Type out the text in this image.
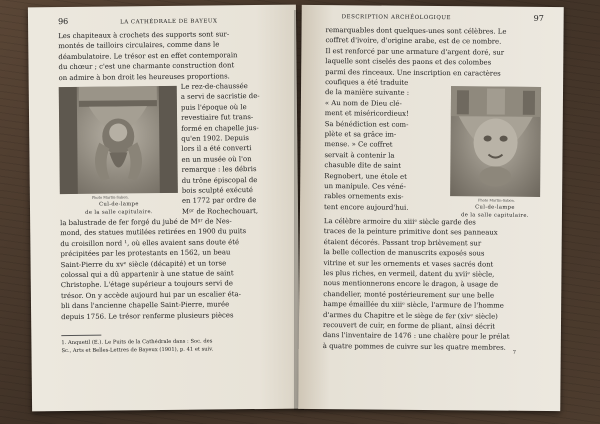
96	LA CATHÉDRALE DE BAYEUX
Les chapiteaux à crochets des supports sont sur-
montés de tailloirs circulaires, comme dans le
déambulatoire. Le trésor est en effet contemporain
du chœur ; c'est une charmante construction dont
on admire à bon droit les heureuses proportions.
Photo Martin-Sabon.
Cul-de-lampe
de la salle capitulaire.
Le rez-de-chaussée
a servi de sacristie de-
puis l'époque où le
revestiaire fut trans-
formé en chapelle jus-
qu'en 1902. Depuis
lors il a été converti
en un musée où l'on
remarque : les débris
du trône épiscopal de
bois sculpté exécuté
en 1772 par ordre de
Mᵍʳ de Rochechouart,
la balustrade de fer forgé du jubé de Mᵍʳ de Nes-
mond, des statues mutilées retirées en 1900 du puits
du croisillon nord ¹, où elles avaient sans doute été
précipitées par les protestants en 1562, un beau
Saint-Pierre du xvᵉ siècle (décapité) et un torse
colossal qui a dû appartenir à une statue de saint
Christophe. L'étage supérieur a toujours servi de
trésor. On y accède aujourd hui par un escalier éta-
bli dans l'ancienne chapelle Saint-Pierre, murée
depuis 1756. Le trésor renferme plusieurs pièces
1. Anquetil (E.). Le Puits de la Cathédrale dans : Soc. des
Sc., Arts et Belles-Lettres de Bayeux (1901), p. 41 et suiv.
DESCRIPTION ARCHÉOLOGIQUE	97
remarquables dont quelques-unes sont célèbres. Le
coffret d'ivoire, d'origine arabe, est de ce nombre.
Il est renforcé par une armature d'argent doré, sur
laquelle sont ciselés des paons et des colombes
parmi des rinceaux. Une inscription en caractères
coufiques a été traduite
de la manière suivante :
« Au nom de Dieu clé-
ment et miséricordieux!
Sa bénédiction est com-
plète et sa grâce im-
mense. » Ce coffret
servait à contenir la
chasuble dite de saint
Regnobert, une étole et
un manipule. Ces véné-
rables ornements exis-
tent encore aujourd'hui.
Photo Martin-Sabon.
Cul-de-lampe
de la salle capitulaire.
La célèbre armoire du xiiiᵉ siècle garde des
traces de la peinture primitive dont ses panneaux
étaient décorés. Passant trop brièvement sur
la belle collection de manuscrits exposés sous
vitrine et sur les ornements et vases sacrés dont
les plus riches, en vermeil, datent du xviiᵉ siècle,
nous mentionnerons encore le dragon, à usage de
chandelier, monté postérieurement sur une belle
hampe émaillée du xiiiᵉ siècle, l'armure de l'homme
d'armes du Chapitre et le siège de fer (xivᵉ siècle)
recouvert de cuir, en forme de pliant, ainsi décrit
dans l'inventaire de 1476 : une chaière pour le prélat
à quatre pommes de cuivre sur les quatre membres.
7
